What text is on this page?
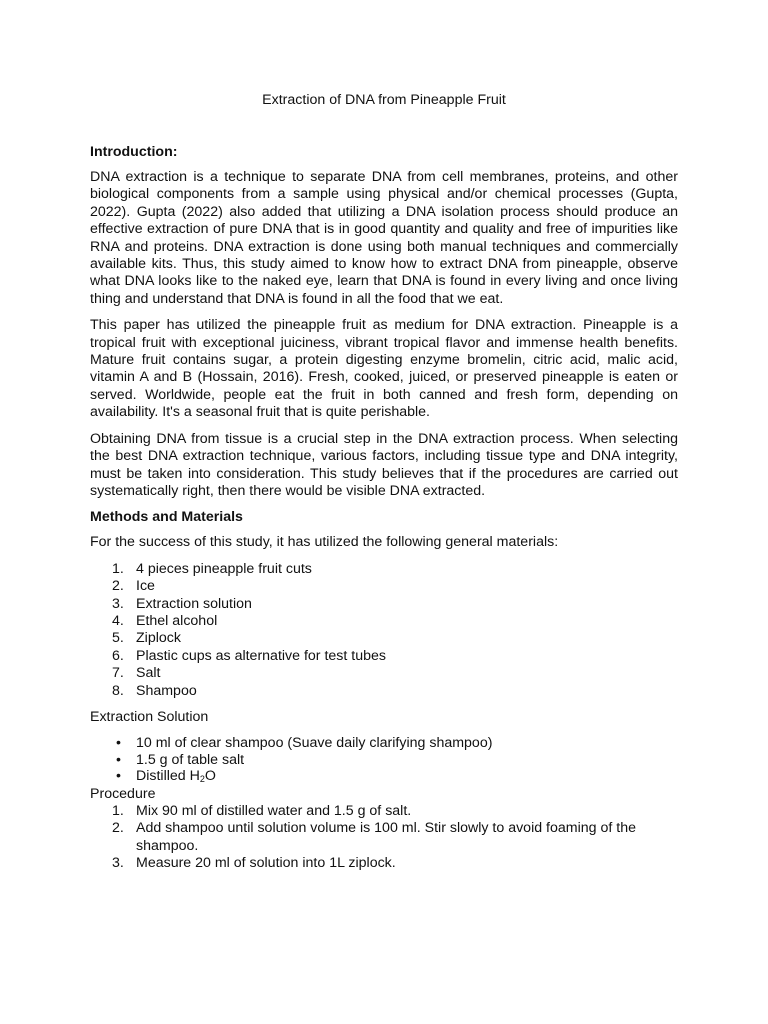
Extraction of DNA from Pineapple Fruit
Introduction:

DNA extraction is a technique to separate DNA from cell membranes, proteins, and other biological components from a sample using physical and/or chemical processes (Gupta, 2022). Gupta (2022) also added that utilizing a DNA isolation process should produce an effective extraction of pure DNA that is in good quantity and quality and free of impurities like RNA and proteins. DNA extraction is done using both manual techniques and commercially available kits. Thus, this study aimed to know how to extract DNA from pineapple, observe what DNA looks like to the naked eye, learn that DNA is found in every living and once living thing and understand that DNA is found in all the food that we eat.

This paper has utilized the pineapple fruit as medium for DNA extraction. Pineapple is a tropical fruit with exceptional juiciness, vibrant tropical flavor and immense health benefits. Mature fruit contains sugar, a protein digesting enzyme bromelin, citric acid, malic acid, vitamin A and B (Hossain, 2016). Fresh, cooked, juiced, or preserved pineapple is eaten or served. Worldwide, people eat the fruit in both canned and fresh form, depending on availability. It's a seasonal fruit that is quite perishable.

Obtaining DNA from tissue is a crucial step in the DNA extraction process. When selecting the best DNA extraction technique, various factors, including tissue type and DNA integrity, must be taken into consideration. This study believes that if the procedures are carried out systematically right, then there would be visible DNA extracted.

Methods and Materials

For the success of this study, it has utilized the following general materials:

1. 4 pieces pineapple fruit cuts
2. Ice
3. Extraction solution
4. Ethel alcohol
5. Ziplock
6. Plastic cups as alternative for test tubes
7. Salt
8. Shampoo

Extraction Solution

• 10 ml of clear shampoo (Suave daily clarifying shampoo)
• 1.5 g of table salt
• Distilled H2O
Procedure
1. Mix 90 ml of distilled water and 1.5 g of salt.
2. Add shampoo until solution volume is 100 ml. Stir slowly to avoid foaming of the shampoo.
3. Measure 20 ml of solution into 1L ziplock.
